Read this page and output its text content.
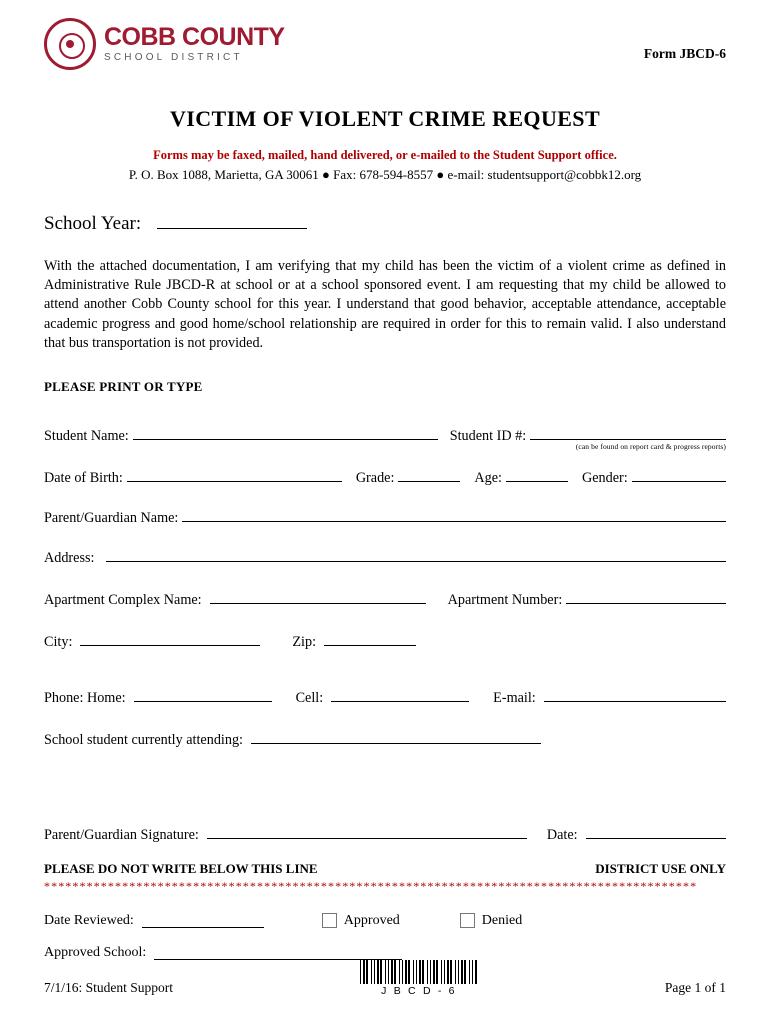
COBB COUNTY
SCHOOL DISTRICT	Form JBCD-6
VICTIM OF VIOLENT CRIME REQUEST
Forms may be faxed, mailed, hand delivered, or e-mailed to the Student Support office.
P. O. Box 1088, Marietta, GA 30061 ● Fax: 678-594-8557 ● e-mail: studentsupport@cobbk12.org
School Year:
With the attached documentation, I am verifying that my child has been the victim of a violent crime as defined in Administrative Rule JBCD-R at school or at a school sponsored event. I am requesting that my child be allowed to attend another Cobb County school for this year. I understand that good behavior, acceptable attendance, acceptable academic progress and good home/school relationship are required in order for this to remain valid. I also understand that bus transportation is not provided.
PLEASE PRINT OR TYPE
Student Name:	Student ID #:
(can be found on report card & progress reports)
Date of Birth:	Grade:	Age:	Gender:
Parent/Guardian Name:
Address:
Apartment Complex Name:	Apartment Number:
City:	Zip:
Phone: Home:	Cell:	E-mail:
School student currently attending:
Parent/Guardian Signature:	Date:
PLEASE DO NOT WRITE BELOW THIS LINE	DISTRICT USE ONLY
********************************************************************************************
Date Reviewed:	Approved	Denied
Approved School:
7/1/16: Student Support	J B C D - 6	Page 1 of 1
